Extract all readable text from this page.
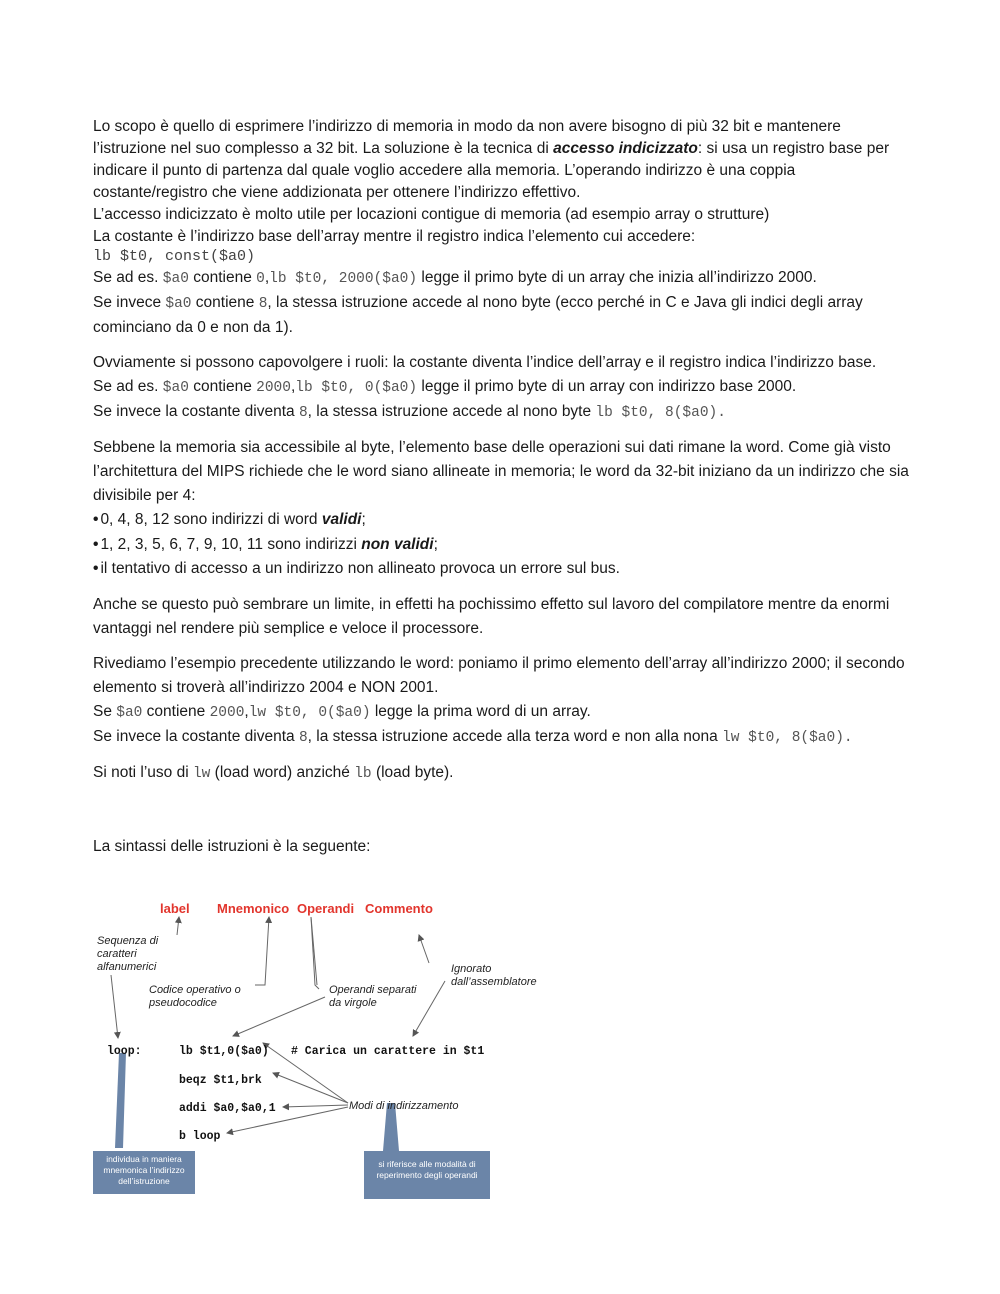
Lo scopo è quello di esprimere l’indirizzo di memoria in modo da non avere bisogno di più 32 bit e mantenere l’istruzione nel suo complesso a 32 bit. La soluzione è la tecnica di accesso indicizzato: si usa un registro base per indicare il punto di partenza dal quale voglio accedere alla memoria. L’operando indirizzo è una coppia costante/registro che viene addizionata per ottenere l’indirizzo effettivo.

L’accesso indicizzato è molto utile per locazioni contigue di memoria (ad esempio array o strutture)

La costante è l’indirizzo base dell’array mentre il registro indica l’elemento cui accedere:

lb $t0, const($a0)

Se ad es. $a0 contiene 0,lb $t0, 2000($a0) legge il primo byte di un array che inizia all’indirizzo 2000.

Se invece $a0 contiene 8, la stessa istruzione accede al nono byte (ecco perché in C e Java gli indici degli array cominciano da 0 e non da 1).

Ovviamente si possono capovolgere i ruoli: la costante diventa l’indice dell’array e il registro indica l’indirizzo base.

Se ad es. $a0 contiene 2000,lb $t0, 0($a0) legge il primo byte di un array con indirizzo base 2000.

Se invece la costante diventa 8, la stessa istruzione accede al nono byte lb $t0, 8($a0).

Sebbene la memoria sia accessibile al byte, l’elemento base delle operazioni sui dati rimane la word. Come già visto l’architettura del MIPS richiede che le word siano allineate in memoria; le word da 32-bit iniziano da un indirizzo che sia divisibile per 4:

• 0, 4, 8, 12 sono indirizzi di word validi;

• 1, 2, 3, 5, 6, 7, 9, 10, 11 sono indirizzi non validi;

• il tentativo di accesso a un indirizzo non allineato provoca un errore sul bus.

Anche se questo può sembrare un limite, in effetti ha pochissimo effetto sul lavoro del compilatore mentre da enormi vantaggi nel rendere più semplice e veloce il processore.

Rivediamo l’esempio precedente utilizzando le word: poniamo il primo elemento dell’array all’indirizzo 2000; il secondo elemento si troverà all’indirizzo 2004 e NON 2001.

Se $a0 contiene 2000,lw $t0, 0($a0) legge la prima word di un array.

Se invece la costante diventa 8, la stessa istruzione accede alla terza word e non alla nona lw $t0, 8($a0).

Si noti l’uso di lw (load word) anziché lb (load byte).

La sintassi delle istruzioni è la seguente:

label Mnemonico Operandi Commento
Sequenza di
caratteri
alfanumerici
Codice operativo o
pseudocodice
Operandi separati
da virgole
Ignorato
dall’assemblatore
Modi di indirizzamento
loop:	lb $t1,0($a0) # Carica un carattere in $t1
beqz $t1,brk
addi $a0,$a0,1
b loop
individua in maniera
mnemonica l’indirizzo
dell’istruzione
si riferisce alle modalità di
reperimento degli operandi
